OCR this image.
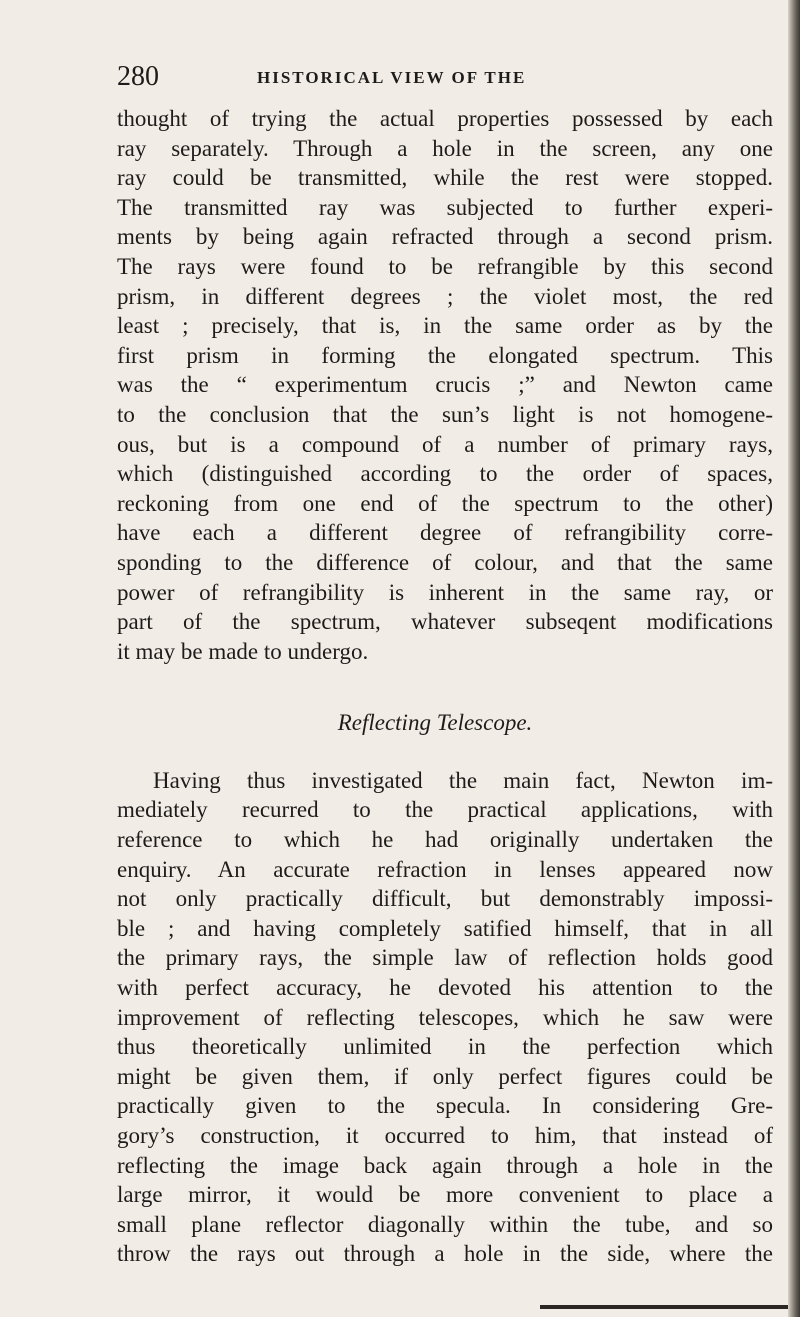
280	HISTORICAL VIEW OF THE
thought of trying the actual properties possessed by each
ray separately. Through a hole in the screen, any one
ray could be transmitted, while the rest were stopped.
The transmitted ray was subjected to further experi-
ments by being again refracted through a second prism.
The rays were found to be refrangible by this second
prism, in different degrees ; the violet most, the red
least ; precisely, that is, in the same order as by the
first prism in forming the elongated spectrum. This
was the “ experimentum crucis ;” and Newton came
to the conclusion that the sun’s light is not homogene-
ous, but is a compound of a number of primary rays,
which (distinguished according to the order of spaces,
reckoning from one end of the spectrum to the other)
have each a different degree of refrangibility corre-
sponding to the difference of colour, and that the same
power of refrangibility is inherent in the same ray, or
part of the spectrum, whatever subseqent modifications
it may be made to undergo.
Reflecting Telescope.
Having thus investigated the main fact, Newton im-
mediately recurred to the practical applications, with
reference to which he had originally undertaken the
enquiry. An accurate refraction in lenses appeared now
not only practically difficult, but demonstrably impossi-
ble ; and having completely satified himself, that in all
the primary rays, the simple law of reflection holds good
with perfect accuracy, he devoted his attention to the
improvement of reflecting telescopes, which he saw were
thus theoretically unlimited in the perfection which
might be given them, if only perfect figures could be
practically given to the specula. In considering Gre-
gory’s construction, it occurred to him, that instead of
reflecting the image back again through a hole in the
large mirror, it would be more convenient to place a
small plane reflector diagonally within the tube, and so
throw the rays out through a hole in the side, where the
